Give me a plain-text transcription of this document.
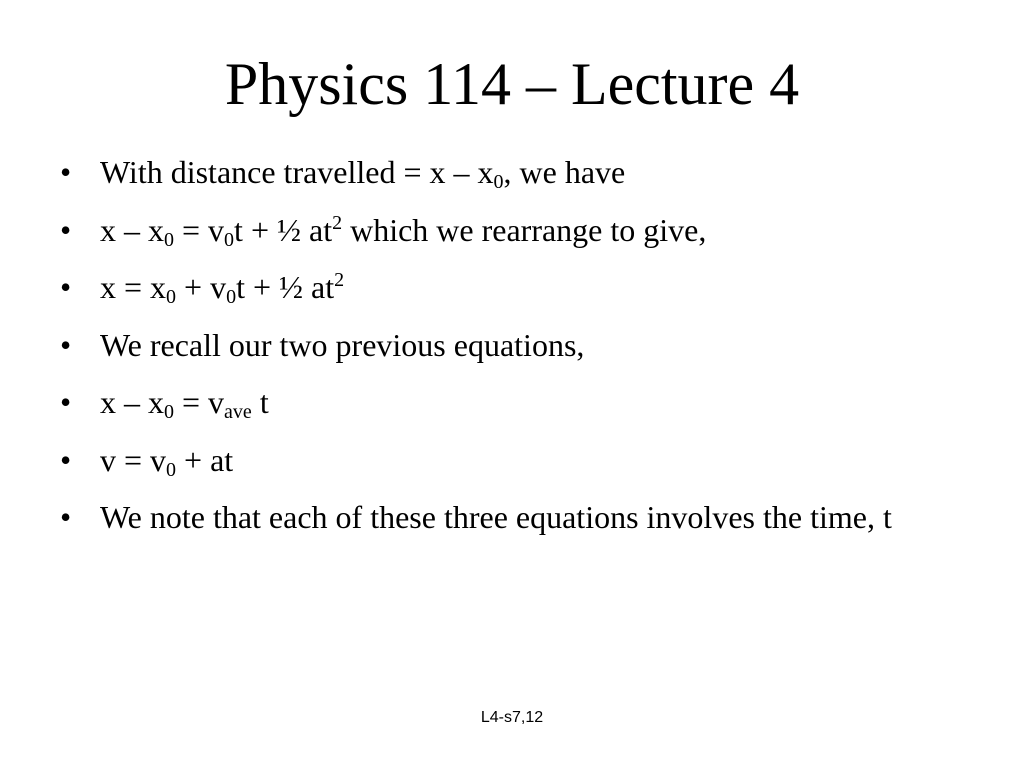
Physics 114 – Lecture 4
• With distance travelled = x – $x_0$, we have
• $x - x_0 = v_0t$ + ½ $at^2$ which we rearrange to give,
• $x = x_0 + v_0t$ + ½ $at^2$
• We recall our two previous equations,
• $x - x_0 = v_{ave}$ t
• $v = v_0$ + at
• We note that each of these three equations involves the time, t
L4-s7,12
